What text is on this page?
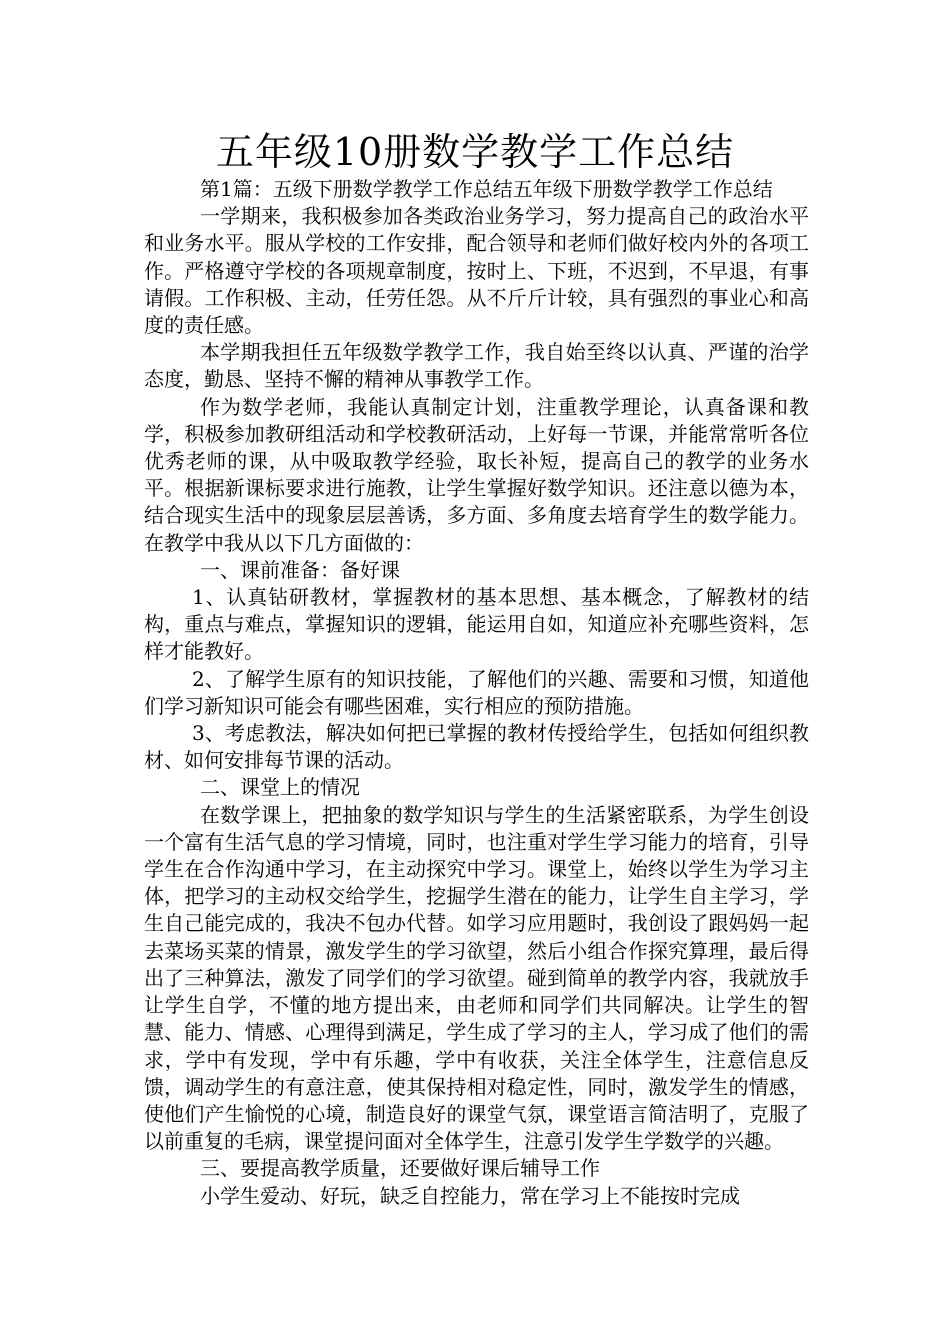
五年级10册数学教学工作总结

第1篇：五级下册数学教学工作总结五年级下册数学教学工作总结

一学期来，我积极参加各类政治业务学习，努力提高自己的政治水平和业务水平。服从学校的工作安排，配合领导和老师们做好校内外的各项工作。严格遵守学校的各项规章制度，按时上、下班，不迟到，不早退，有事请假。工作积极、主动，任劳任怨。从不斤斤计较，具有强烈的事业心和高度的责任感。

本学期我担任五年级数学教学工作，我自始至终以认真、严谨的治学态度，勤恳、坚持不懈的精神从事教学工作。

作为数学老师，我能认真制定计划，注重教学理论，认真备课和教学，积极参加教研组活动和学校教研活动，上好每一节课，并能常常听各位优秀老师的课，从中吸取教学经验，取长补短，提高自己的教学的业务水平。根据新课标要求进行施教，让学生掌握好数学知识。还注意以德为本，结合现实生活中的现象层层善诱，多方面、多角度去培育学生的数学能力。在教学中我从以下几方面做的：

一、课前准备：备好课

1、认真钻研教材，掌握教材的基本思想、基本概念，了解教材的结构，重点与难点，掌握知识的逻辑，能运用自如，知道应补充哪些资料，怎样才能教好。

2、了解学生原有的知识技能，了解他们的兴趣、需要和习惯，知道他们学习新知识可能会有哪些困难，实行相应的预防措施。

3、考虑教法，解决如何把已掌握的教材传授给学生，包括如何组织教材、如何安排每节课的活动。

二、课堂上的情况

在数学课上，把抽象的数学知识与学生的生活紧密联系，为学生创设一个富有生活气息的学习情境，同时，也注重对学生学习能力的培育，引导学生在合作沟通中学习，在主动探究中学习。课堂上，始终以学生为学习主体，把学习的主动权交给学生，挖掘学生潜在的能力，让学生自主学习，学生自己能完成的，我决不包办代替。如学习应用题时，我创设了跟妈妈一起去菜场买菜的情景，激发学生的学习欲望，然后小组合作探究算理，最后得出了三种算法，激发了同学们的学习欲望。碰到简单的教学内容，我就放手让学生自学，不懂的地方提出来，由老师和同学们共同解决。让学生的智慧、能力、情感、心理得到满足，学生成了学习的主人，学习成了他们的需求，学中有发现，学中有乐趣，学中有收获，关注全体学生，注意信息反馈，调动学生的有意注意，使其保持相对稳定性，同时，激发学生的情感，使他们产生愉悦的心境，制造良好的课堂气氛，课堂语言简洁明了，克服了以前重复的毛病，课堂提问面对全体学生，注意引发学生学数学的兴趣。

三、要提高教学质量，还要做好课后辅导工作

小学生爱动、好玩，缺乏自控能力，常在学习上不能按时完成
